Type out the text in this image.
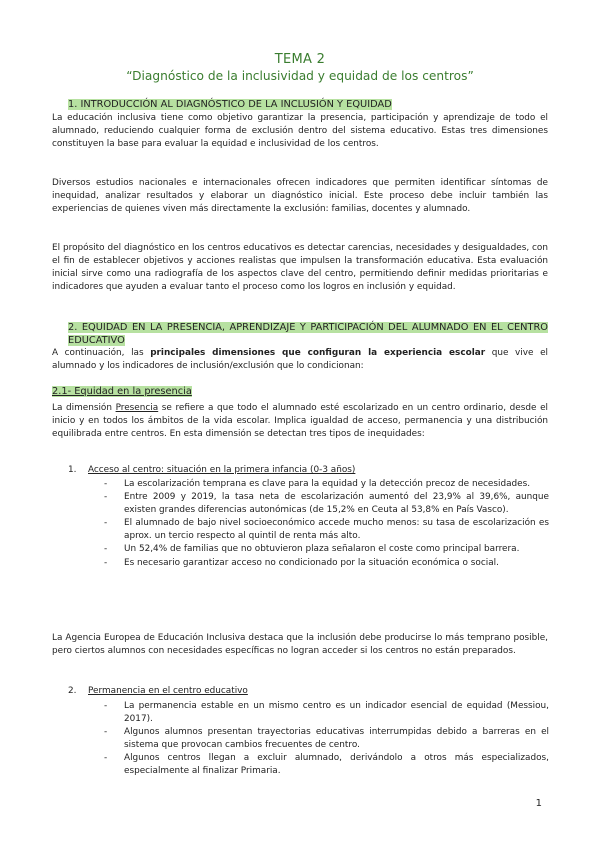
TEMA 2
“Diagnóstico de la inclusividad y equidad de los centros”
1. INTRODUCCIÓN AL DIAGNÓSTICO DE LA INCLUSIÓN Y EQUIDAD

La educación inclusiva tiene como objetivo garantizar la presencia, participación y aprendizaje de todo el alumnado, reduciendo cualquier forma de exclusión dentro del sistema educativo. Estas tres dimensiones constituyen la base para evaluar la equidad e inclusividad de los centros.

Diversos estudios nacionales e internacionales ofrecen indicadores que permiten identificar síntomas de inequidad, analizar resultados y elaborar un diagnóstico inicial. Este proceso debe incluir también las experiencias de quienes viven más directamente la exclusión: familias, docentes y alumnado.

El propósito del diagnóstico en los centros educativos es detectar carencias, necesidades y desigualdades, con el fin de establecer objetivos y acciones realistas que impulsen la transformación educativa. Esta evaluación inicial sirve como una radiografía de los aspectos clave del centro, permitiendo definir medidas prioritarias e indicadores que ayuden a evaluar tanto el proceso como los logros en inclusión y equidad.

2. EQUIDAD EN LA PRESENCIA, APRENDIZAJE Y PARTICIPACIÓN DEL ALUMNADO EN EL CENTRO EDUCATIVO

A continuación, las principales dimensiones que configuran la experiencia escolar que vive el alumnado y los indicadores de inclusión/exclusión que lo condicionan:

2.1- Equidad en la presencia

La dimensión Presencia se refiere a que todo el alumnado esté escolarizado en un centro ordinario, desde el inicio y en todos los ámbitos de la vida escolar. Implica igualdad de acceso, permanencia y una distribución equilibrada entre centros. En esta dimensión se detectan tres tipos de inequidades:

1. Acceso al centro: situación en la primera infancia (0-3 años)
- La escolarización temprana es clave para la equidad y la detección precoz de necesidades.
- Entre 2009 y 2019, la tasa neta de escolarización aumentó del 23,9% al 39,6%, aunque existen grandes diferencias autonómicas (de 15,2% en Ceuta al 53,8% en País Vasco).
- El alumnado de bajo nivel socioeconómico accede mucho menos: su tasa de escolarización es aprox. un tercio respecto al quintil de renta más alto.
- Un 52,4% de familias que no obtuvieron plaza señalaron el coste como principal barrera.
- Es necesario garantizar acceso no condicionado por la situación económica o social.

La Agencia Europea de Educación Inclusiva destaca que la inclusión debe producirse lo más temprano posible, pero ciertos alumnos con necesidades específicas no logran acceder si los centros no están preparados.

2. Permanencia en el centro educativo
- La permanencia estable en un mismo centro es un indicador esencial de equidad (Messiou, 2017).
- Algunos alumnos presentan trayectorias educativas interrumpidas debido a barreras en el sistema que provocan cambios frecuentes de centro.
- Algunos centros llegan a excluir alumnado, derivándolo a otros más especializados, especialmente al finalizar Primaria.
1
